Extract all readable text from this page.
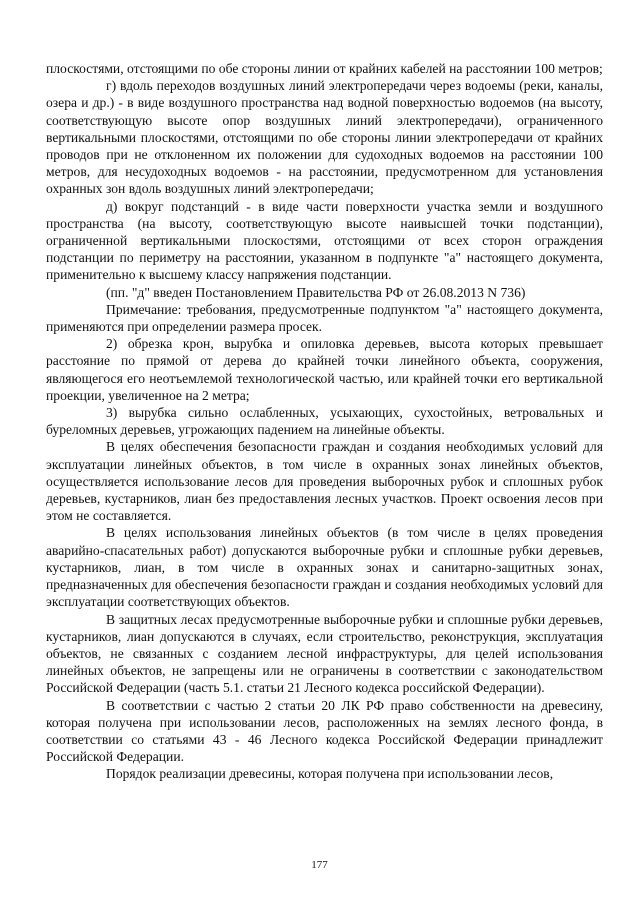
плоскостями, отстоящими по обе стороны линии от крайних кабелей на расстоянии 100 метров;

г) вдоль переходов воздушных линий электропередачи через водоемы (реки, каналы, озера и др.) - в виде воздушного пространства над водной поверхностью водоемов (на высоту, соответствующую высоте опор воздушных линий электропередачи), ограниченного вертикальными плоскостями, отстоящими по обе стороны линии электропередачи от крайних проводов при не отклоненном их положении для судоходных водоемов на расстоянии 100 метров, для несудоходных водоемов - на расстоянии, предусмотренном для установления охранных зон вдоль воздушных линий электропередачи;

д) вокруг подстанций - в виде части поверхности участка земли и воздушного пространства (на высоту, соответствующую высоте наивысшей точки подстанции), ограниченной вертикальными плоскостями, отстоящими от всех сторон ограждения подстанции по периметру на расстоянии, указанном в подпункте "а" настоящего документа, применительно к высшему классу напряжения подстанции.

(пп. "д" введен Постановлением Правительства РФ от 26.08.2013 N 736)

Примечание: требования, предусмотренные подпунктом "а" настоящего документа, применяются при определении размера просек.

2) обрезка крон, вырубка и опиловка деревьев, высота которых превышает расстояние по прямой от дерева до крайней точки линейного объекта, сооружения, являющегося его неотъемлемой технологической частью, или крайней точки его вертикальной проекции, увеличенное на 2 метра;

3) вырубка сильно ослабленных, усыхающих, сухостойных, ветровальных и буреломных деревьев, угрожающих падением на линейные объекты.

В целях обеспечения безопасности граждан и создания необходимых условий для эксплуатации линейных объектов, в том числе в охранных зонах линейных объектов, осуществляется использование лесов для проведения выборочных рубок и сплошных рубок деревьев, кустарников, лиан без предоставления лесных участков. Проект освоения лесов при этом не составляется.

В целях использования линейных объектов (в том числе в целях проведения аварийно-спасательных работ) допускаются выборочные рубки и сплошные рубки деревьев, кустарников, лиан, в том числе в охранных зонах и санитарно-защитных зонах, предназначенных для обеспечения безопасности граждан и создания необходимых условий для эксплуатации соответствующих объектов.

В защитных лесах предусмотренные выборочные рубки и сплошные рубки деревьев, кустарников, лиан допускаются в случаях, если строительство, реконструкция, эксплуатация объектов, не связанных с созданием лесной инфраструктуры, для целей использования линейных объектов, не запрещены или не ограничены в соответствии с законодательством Российской Федерации (часть 5.1. статьи 21 Лесного кодекса российской Федерации).

В соответствии с частью 2 статьи 20 ЛК РФ право собственности на древесину, которая получена при использовании лесов, расположенных на землях лесного фонда, в соответствии со статьями 43 - 46 Лесного кодекса Российской Федерации принадлежит Российской Федерации.

Порядок реализации древесины, которая получена при использовании лесов,

177
